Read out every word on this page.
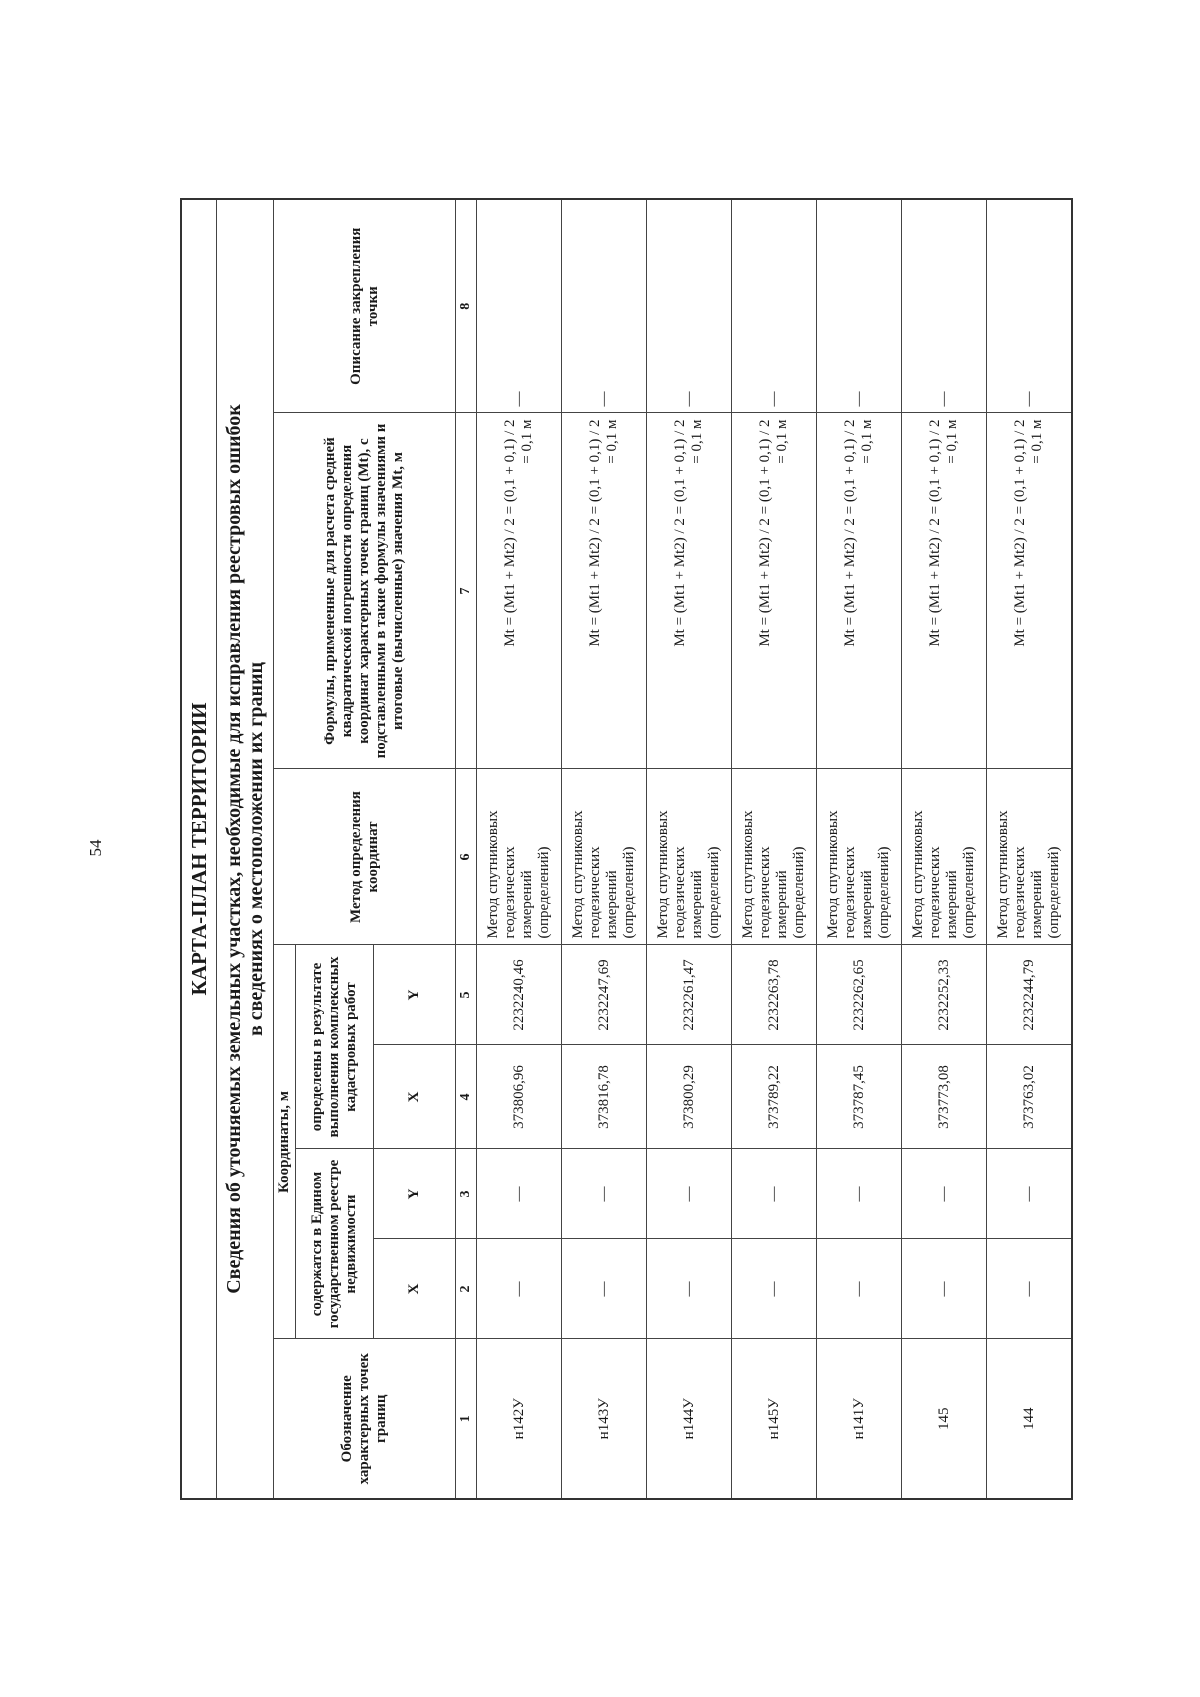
54	КАРТА-ПЛАН ТЕРРИТОРИИ							
Сведения об уточняемых земельных участках, необходимые для исправления реестровых ошибок
в сведениях о местоположении их границ							
Обозначение характерных точек границ	Координаты, м				Метод определения координат	Формулы, примененные для расчета средней квадратической погрешности определения координат характерных точек границ (Mt), с подставленными в такие формулы значениями и итоговые (вычисленные) значения Mt, м	Описание закрепления точки
	содержатся в Едином государственном реестре недвижимости		определены в результате выполнения комплексных кадастровых работ				
	X	Y	X	Y			
1	2	3	4	5	6	7	8
н142У	—	—	373806,96	2232240,46	Метод спутниковых геодезических измерений (определений)	Mt = (Mt1 + Mt2) / 2 = (0,1 + 0,1) / 2 = 0,1 м	—
н143У	—	—	373816,78	2232247,69	Метод спутниковых геодезических измерений (определений)	Mt = (Mt1 + Mt2) / 2 = (0,1 + 0,1) / 2 = 0,1 м	—
н144У	—	—	373800,29	2232261,47	Метод спутниковых геодезических измерений (определений)	Mt = (Mt1 + Mt2) / 2 = (0,1 + 0,1) / 2 = 0,1 м	—
н145У	—	—	373789,22	2232263,78	Метод спутниковых геодезических измерений (определений)	Mt = (Mt1 + Mt2) / 2 = (0,1 + 0,1) / 2 = 0,1 м	—
н141У	—	—	373787,45	2232262,65	Метод спутниковых геодезических измерений (определений)	Mt = (Mt1 + Mt2) / 2 = (0,1 + 0,1) / 2 = 0,1 м	—
145	—	—	373773,08	2232252,33	Метод спутниковых геодезических измерений (определений)	Mt = (Mt1 + Mt2) / 2 = (0,1 + 0,1) / 2 = 0,1 м	—
144	—	—	373763,02	2232244,79	Метод спутниковых геодезических измерений (определений)	Mt = (Mt1 + Mt2) / 2 = (0,1 + 0,1) / 2 = 0,1 м	—
